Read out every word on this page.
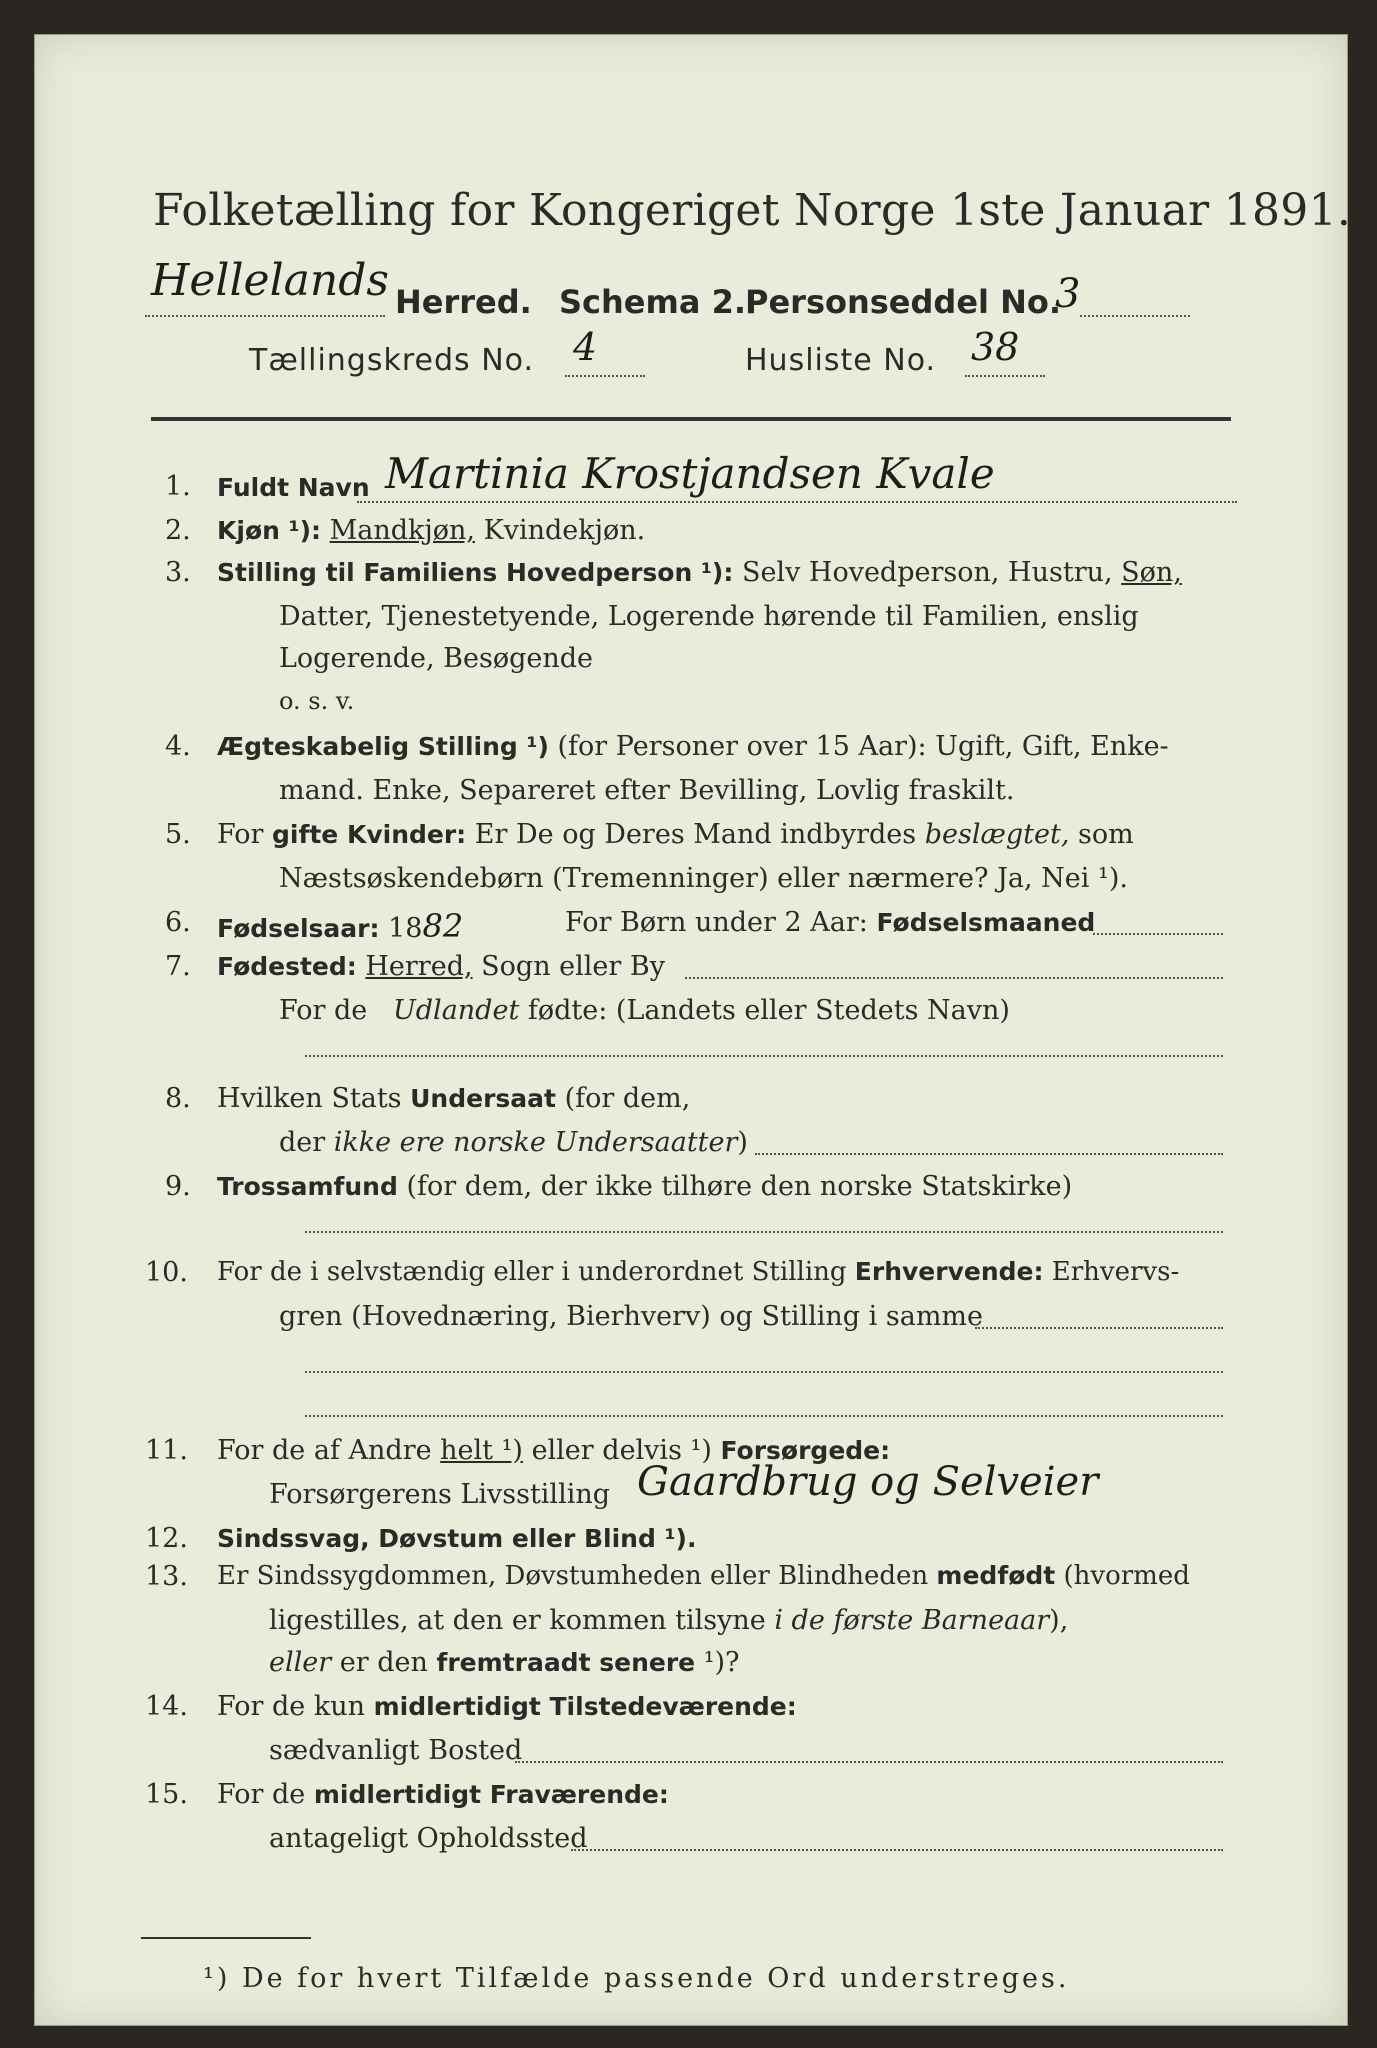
Folketælling for Kongeriget Norge 1ste Januar 1891.
Hellelands Herred. Schema 2. Personseddel No.
3
Tællingskreds No. 4	Husliste No. 38
1. Fuldt Navn Martinia Krostjandsen Kvale
2. Kjøn ¹): Mandkjøn, Kvindekjøn.
3. Stilling til Familiens Hovedperson ¹): Selv Hovedperson, Hustru, Søn,
Datter, Tjenestetyende, Logerende hørende til Familien, enslig
Logerende, Besøgende
o. s. v.
4. Ægteskabelig Stilling ¹) (for Personer over 15 Aar): Ugift, Gift, Enke-
mand. Enke, Separeret efter Bevilling, Lovlig fraskilt.
5. For gifte Kvinder: Er De og Deres Mand indbyrdes beslægtet, som
Næstsøskendebørn (Tremenninger) eller nærmere? Ja, Nei ¹).
6. Fødselsaar: 1882	For Børn under 2 Aar: Fødselsmaaned
7. Fødested: Herred, Sogn eller By
For de Udlandet fødte: (Landets eller Stedets Navn)
8. Hvilken Stats Undersaat (for dem,
der ikke ere norske Undersaatter)
9. Trossamfund (for dem, der ikke tilhøre den norske Statskirke)
10. For de i selvstændig eller i underordnet Stilling Erhvervende: Erhvervs-
gren (Hovednæring, Bierhverv) og Stilling i samme
11. For de af Andre helt ¹) eller delvis ¹) Forsørgede:
Forsørgerens Livsstilling Gaardbrug og Selveier
12. Sindssvag, Døvstum eller Blind ¹).
13. Er Sindssygdommen, Døvstumheden eller Blindheden medfødt (hvormed
ligestilles, at den er kommen tilsyne i de første Barneaar),
eller er den fremtraadt senere ¹)?
14. For de kun midlertidigt Tilstedeværende:
sædvanligt Bosted
15. For de midlertidigt Fraværende:
antageligt Opholdssted
¹) De for hvert Tilfælde passende Ord understreges.
